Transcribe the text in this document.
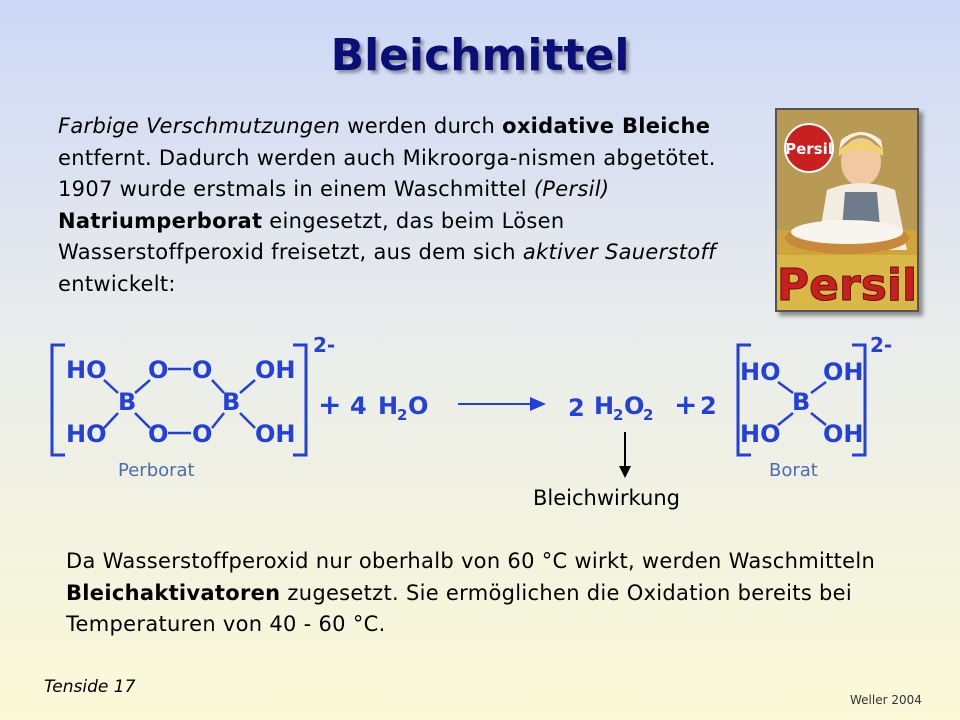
Bleichmittel
Farbige Verschmutzungen werden durch oxidative Bleiche entfernt. Dadurch werden auch Mikroorga-nismen abgetötet. 1907 wurde erstmals in einem Waschmittel (Persil) Natriumperborat eingesetzt, das beim Lösen Wasserstoffperoxid freisetzt, aus dem sich aktiver Sauerstoff entwickelt:
Persil
Persil
HO O O OH
B	B
HO O O OH
2-
+ 4 H
2 O	2 H
2 O
2 + 2
HO OH
B
HO OH
2-
Perborat	Borat
Bleichwirkung
Da Wasserstoffperoxid nur oberhalb von 60 °C wirkt, werden Waschmitteln Bleichaktivatoren zugesetzt. Sie ermöglichen die Oxidation bereits bei Temperaturen von 40 - 60 °C.
Tenside 17
Weller 2004
